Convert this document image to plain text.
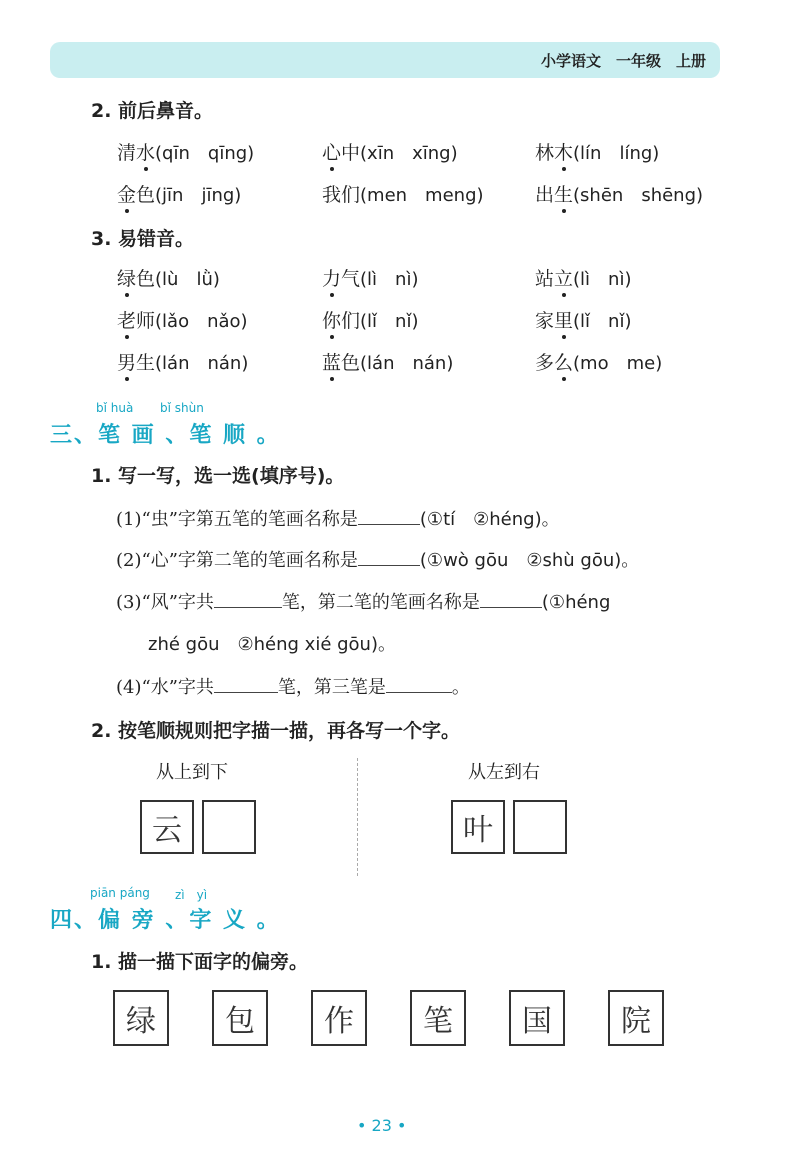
小学语文　一年级　上册
2. 前后鼻音。
清水(qīn　qīng)	心中(xīn　xīng)	林木(lín　líng)
金色(jīn　jīng)	我们(men　meng)	出生(shēn　shēng)
3. 易错音。
绿色(lù　lǜ)	力气(lì　nì)	站立(lì　nì)
老师(lǎo　nǎo)	你们(lǐ　nǐ)	家里(lǐ　nǐ)
男生(lán　nán)	蓝色(lán　nán)	多么(mo　me)
bǐ huà bǐ shùn
三、笔 画 、笔 顺 。
1. 写一写，选一选(填序号)。
(1)“虫”字第五笔的笔画名称是	(①tí　②héng)。
(2)“心”字第二笔的笔画名称是	(①wò gōu　②shù gōu)。
(3)“风”字共	笔，第二笔的笔画名称是	(①héng
zhé gōu　②héng xié gōu)。
(4)“水”字共	笔，第三笔是	。
2. 按笔顺规则把字描一描，再各写一个字。
从上到下	从左到右
云	叶
piān páng zì　yì
四、偏 旁 、字 义 。
1. 描一描下面字的偏旁。
绿 包 作 笔 国 院
• 23 •
